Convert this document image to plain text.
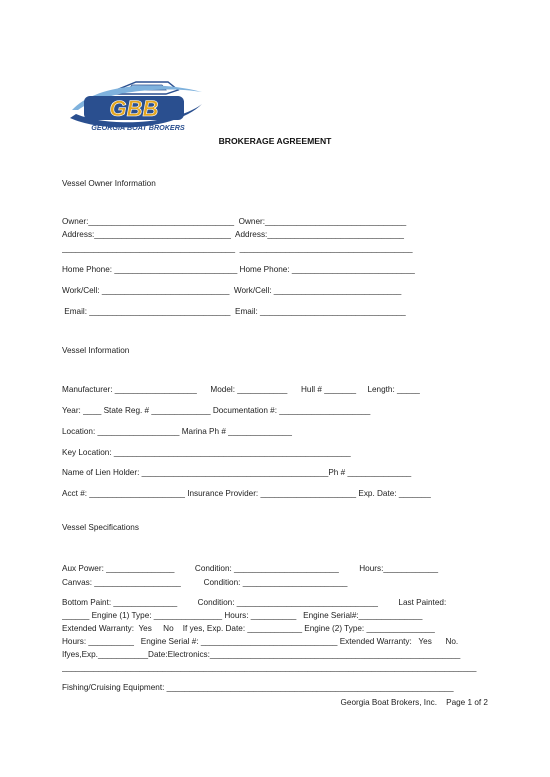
GBB
GEORGIA BOAT BROKERS
BROKERAGE AGREEMENT
Vessel Owner Information
Owner:________________________________  Owner:_______________________________
Address:______________________________  Address:______________________________
______________________________________  ______________________________________
Home Phone: ___________________________ Home Phone: ___________________________
Work/Cell: ____________________________  Work/Cell: ____________________________
Email: _______________________________  Email: ________________________________
Vessel Information
Manufacturer: __________________      Model: ___________      Hull # _______     Length: _____
Year: ____ State Reg. # _____________ Documentation #: ____________________
Location: __________________ Marina Ph # ______________
Key Location: ____________________________________________________
Name of Lien Holder: _________________________________________Ph # ______________
Acct #: _____________________ Insurance Provider: _____________________ Exp. Date: _______
Vessel Specifications
Aux Power: _______________         Condition: _______________________         Hours:____________
Canvas: ___________________          Condition: _______________________
Bottom Paint: ______________         Condition: _______________________________         Last Painted:
______ Engine (1) Type: _______________ Hours: __________   Engine Serial#:______________
Extended Warranty:  Yes     No    If yes, Exp. Date: ____________ Engine (2) Type: _______________
Hours: __________   Engine Serial #: ______________________________ Extended Warranty:   Yes      No.
Ifyes,Exp.___________Date:Electronics:_______________________________________________________
___________________________________________________________________________________________
Fishing/Cruising Equipment: _______________________________________________________________
Georgia Boat Brokers, Inc.    Page 1 of 2
